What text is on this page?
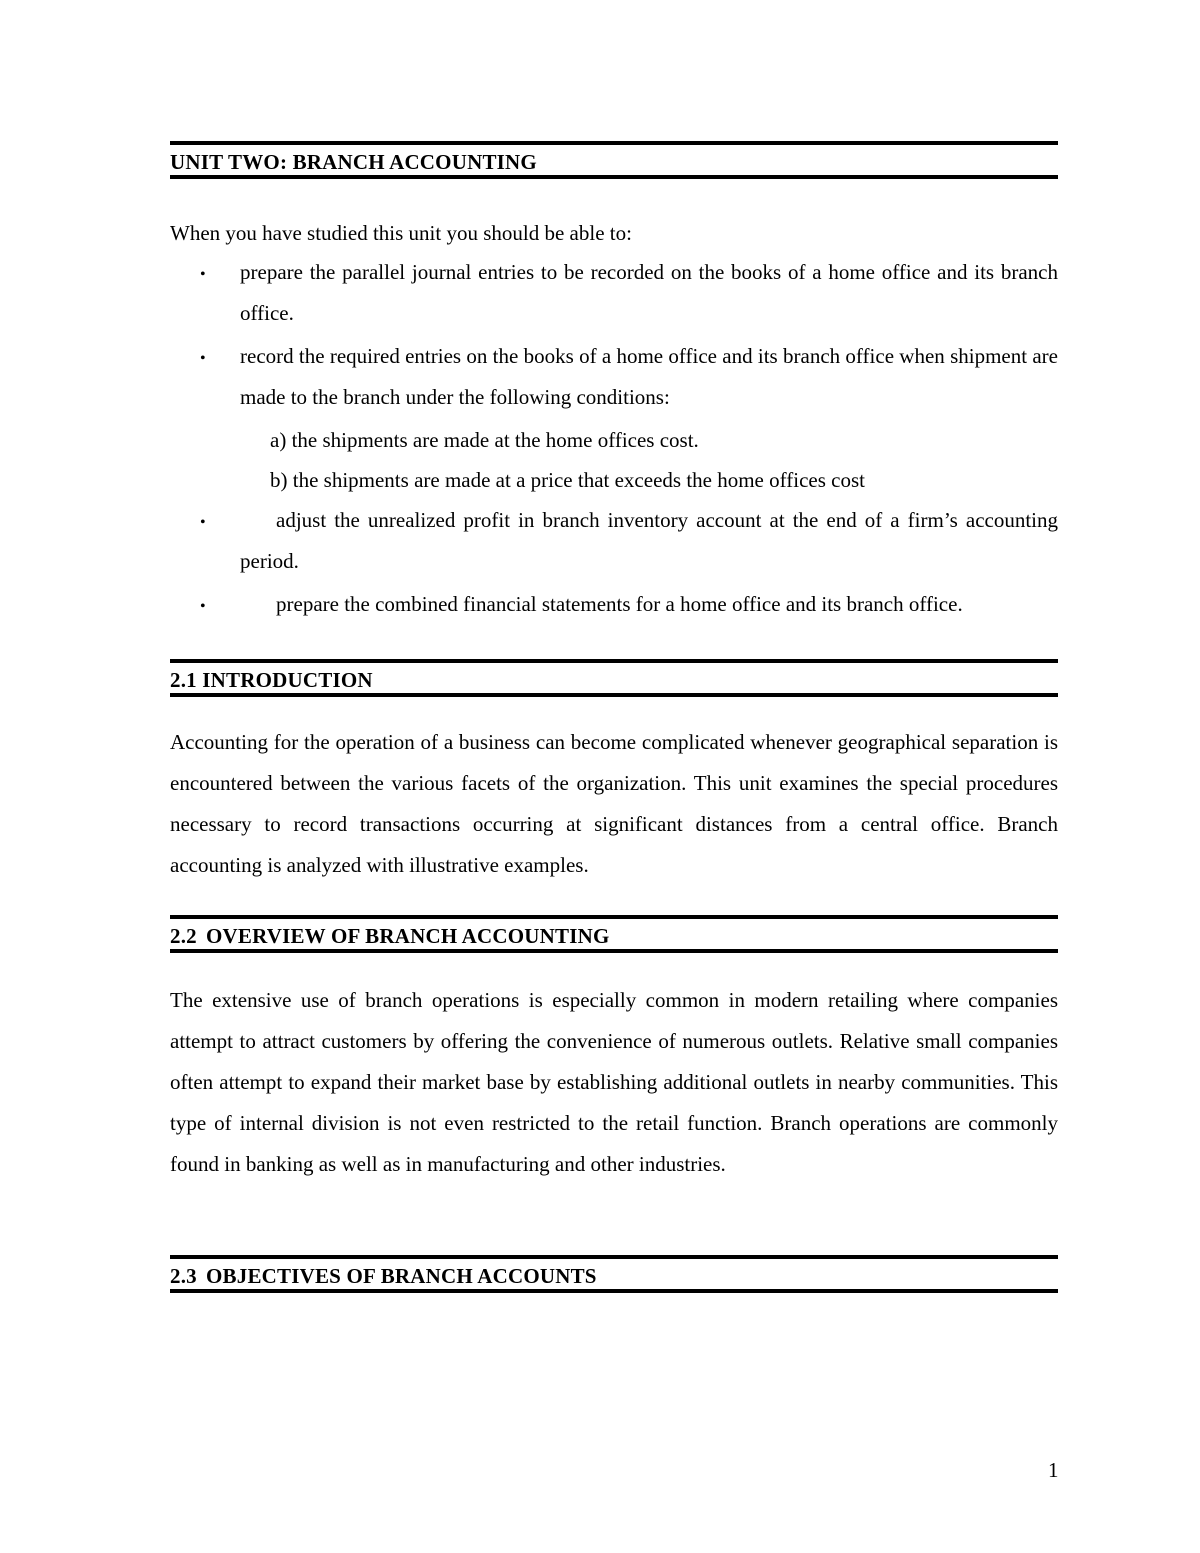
UNIT TWO: BRANCH ACCOUNTING
When you have studied this unit you should be able to:
• prepare the parallel journal entries to be recorded on the books of a home office and its branch office.
• record the required entries on the books of a home office and its branch office when shipment are made to the branch under the following conditions:
a) the shipments are made at the home offices cost.
b) the shipments are made at a price that exceeds the home offices cost
•	adjust the unrealized profit in branch inventory account at the end of a firm’s accounting period.
•	prepare the combined financial statements for a home office and its branch office.
2.1 INTRODUCTION
Accounting for the operation of a business can become complicated whenever geographical separation is encountered between the various facets of the organization. This unit examines the special procedures necessary to record transactions occurring at significant distances from a central office. Branch accounting is analyzed with illustrative examples.
2.2 OVERVIEW OF BRANCH ACCOUNTING
The extensive use of branch operations is especially common in modern retailing where companies attempt to attract customers by offering the convenience of numerous outlets. Relative small companies often attempt to expand their market base by establishing additional outlets in nearby communities. This type of internal division is not even restricted to the retail function. Branch operations are commonly found in banking as well as in manufacturing and other industries.
2.3 OBJECTIVES OF BRANCH ACCOUNTS
1
